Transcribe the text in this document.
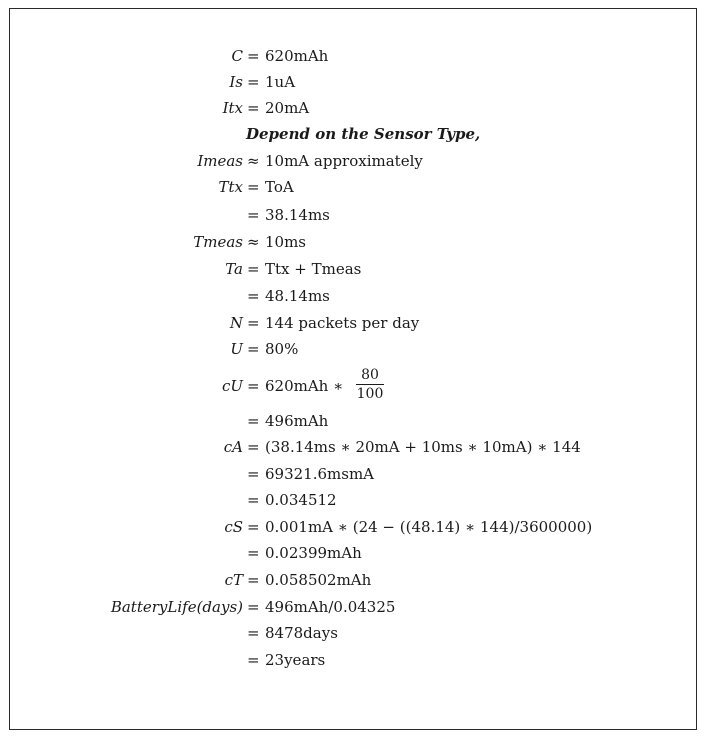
C = 620mAh
Is = 1uA
Itx = 20mA
Depend on the Sensor Type,
Imeas ≈ 10mA approximately
Ttx = ToA
= 38.14ms
Tmeas ≈ 10ms
Ta = Ttx + Tmeas
= 48.14ms
N = 144 packets per day
U = 80%
cU = 620mAh ∗ $\frac{80}{100}$
= 496mAh
cA = (38.14ms ∗ 20mA + 10ms ∗ 10mA) ∗ 144
= 69321.6msmA
= 0.034512
cS = 0.001mA ∗ (24 − ((48.14) ∗ 144)/3600000)
= 0.02399mAh
cT = 0.058502mAh
BatteryLife(days) = 496mAh/0.04325
= 8478days
= 23years
